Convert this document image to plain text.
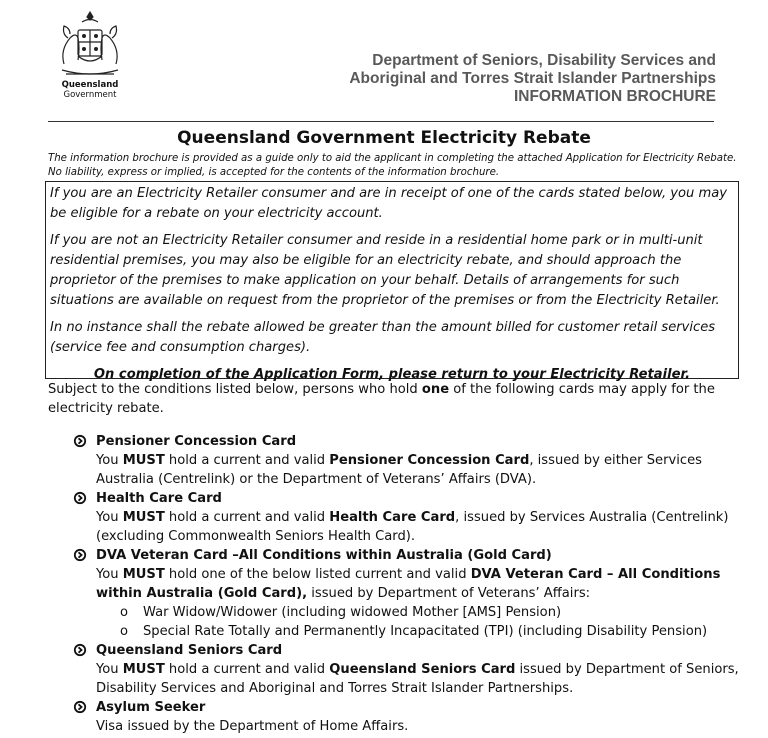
Queensland
Government
Department of Seniors, Disability Services and
Aboriginal and Torres Strait Islander Partnerships
INFORMATION BROCHURE
Queensland Government Electricity Rebate
The information brochure is provided as a guide only to aid the applicant in completing the attached Application for Electricity Rebate. No liability, express or implied, is accepted for the contents of the information brochure.

If you are an Electricity Retailer consumer and are in receipt of one of the cards stated below, you may be eligible for a rebate on your electricity account.

If you are not an Electricity Retailer consumer and reside in a residential home park or in multi-unit residential premises, you may also be eligible for an electricity rebate, and should approach the proprietor of the premises to make application on your behalf. Details of arrangements for such situations are available on request from the proprietor of the premises or from the Electricity Retailer.

In no instance shall the rebate allowed be greater than the amount billed for customer retail services (service fee and consumption charges).

On completion of the Application Form, please return to your Electricity Retailer.

Subject to the conditions listed below, persons who hold one of the following cards may apply for the electricity rebate.
Pensioner Concession Card
You MUST hold a current and valid Pensioner Concession Card, issued by either Services Australia (Centrelink) or the Department of Veterans’ Affairs (DVA).
Health Care Card
You MUST hold a current and valid Health Care Card, issued by Services Australia (Centrelink) (excluding Commonwealth Seniors Health Card).
DVA Veteran Card –All Conditions within Australia (Gold Card)
You MUST hold one of the below listed current and valid DVA Veteran Card – All Conditions within Australia (Gold Card), issued by Department of Veterans’ Affairs:
o War Widow/Widower (including widowed Mother [AMS] Pension)
o Special Rate Totally and Permanently Incapacitated (TPI) (including Disability Pension)
Queensland Seniors Card
You MUST hold a current and valid Queensland Seniors Card issued by Department of Seniors, Disability Services and Aboriginal and Torres Strait Islander Partnerships.
Asylum Seeker
Visa issued by the Department of Home Affairs.
